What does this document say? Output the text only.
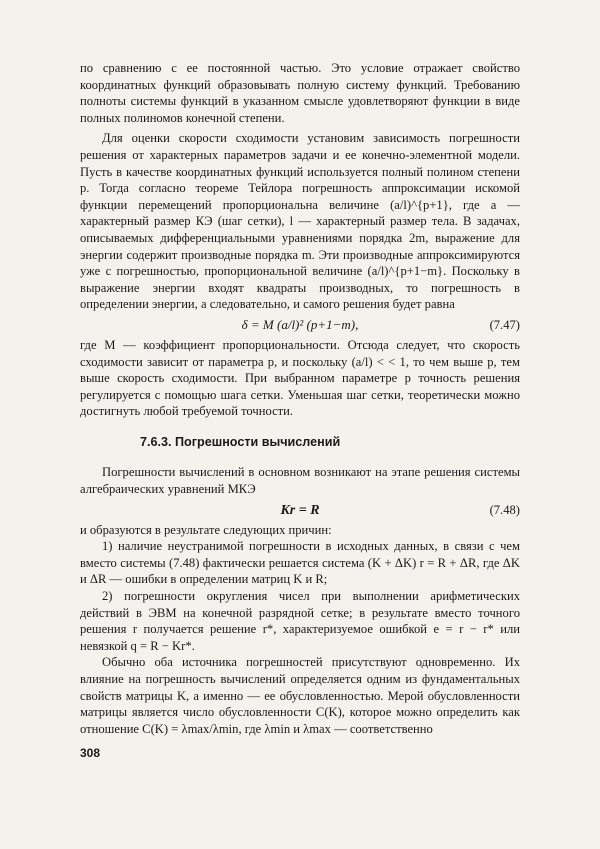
по сравнению с ее постоянной частью. Это условие отражает свойство координатных функций образовывать полную систему функций. Требованию полноты системы функций в указанном смысле удовлетворяют функции в виде полных полиномов конечной степени.

Для оценки скорости сходимости установим зависимость погрешности решения от характерных параметров задачи и ее конечно-элементной модели. Пусть в качестве координатных функций используется полный полином степени p. Тогда согласно теореме Тейлора погрешность аппроксимации искомой функции перемещений пропорциональна величине (a/l)^{p+1}, где a — характерный размер КЭ (шаг сетки), l — характерный размер тела. В задачах, описываемых дифференциальными уравнениями порядка 2m, выражение для энергии содержит производные порядка m. Эти производные аппроксимируются уже с погрешностью, пропорциональной величине (a/l)^{p+1−m}. Поскольку в выражение энергии входят квадраты производных, то погрешность в определении энергии, а следовательно, и самого решения будет равна

δ = M (a/l)² (p+1−m),	(7.47)

где M — коэффициент пропорциональности. Отсюда следует, что скорость сходимости зависит от параметра p, и поскольку (a/l) < < 1, то чем выше p, тем выше скорость сходимости. При выбранном параметре p точность решения регулируется с помощью шага сетки. Уменьшая шаг сетки, теоретически можно достигнуть любой требуемой точности.

7.6.3. Погрешности вычислений

Погрешности вычислений в основном возникают на этапе решения системы алгебраических уравнений МКЭ

Kr = R	(7.48)

и образуются в результате следующих причин:

1) наличие неустранимой погрешности в исходных данных, в связи с чем вместо системы (7.48) фактически решается система (K + ΔK) r = R + ΔR, где ΔK и ΔR — ошибки в определении матриц K и R;

2) погрешности округления чисел при выполнении арифметических действий в ЭВМ на конечной разрядной сетке; в результате вместо точного решения r получается решение r*, характеризуемое ошибкой e = r − r* или невязкой q = R − Kr*.

Обычно оба источника погрешностей присутствуют одновременно. Их влияние на погрешность вычислений определяется одним из фундаментальных свойств матрицы K, а именно — ее обусловленностью. Мерой обусловленности матрицы является число обусловленности C(K), которое можно определить как отношение C(K) = λmax/λmin, где λmin и λmax — соответственно

308
